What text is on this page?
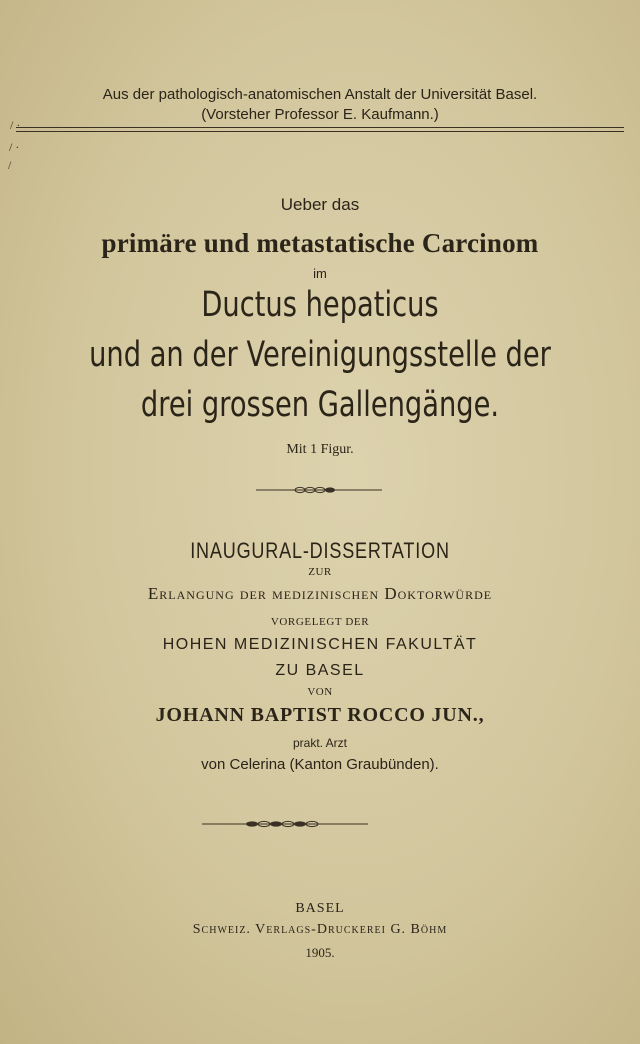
Aus der pathologisch-anatomischen Anstalt der Universität Basel.
(Vorsteher Professor E. Kaufmann.)
/ ·
/ ·
/
Ueber das
primäre und metastatische Carcinom
im
Ductus hepaticus
und an der Vereinigungsstelle der
drei grossen Gallengänge.
Mit 1 Figur.
INAUGURAL-DISSERTATION
ZUR
Erlangung der medizinischen Doktorwürde
VORGELEGT DER
HOHEN MEDIZINISCHEN FAKULTÄT
ZU BASEL
VON
JOHANN BAPTIST ROCCO JUN.,
prakt. Arzt
von Celerina (Kanton Graubünden).
BASEL
Schweiz. Verlags-Druckerei G. Böhm
1905.
